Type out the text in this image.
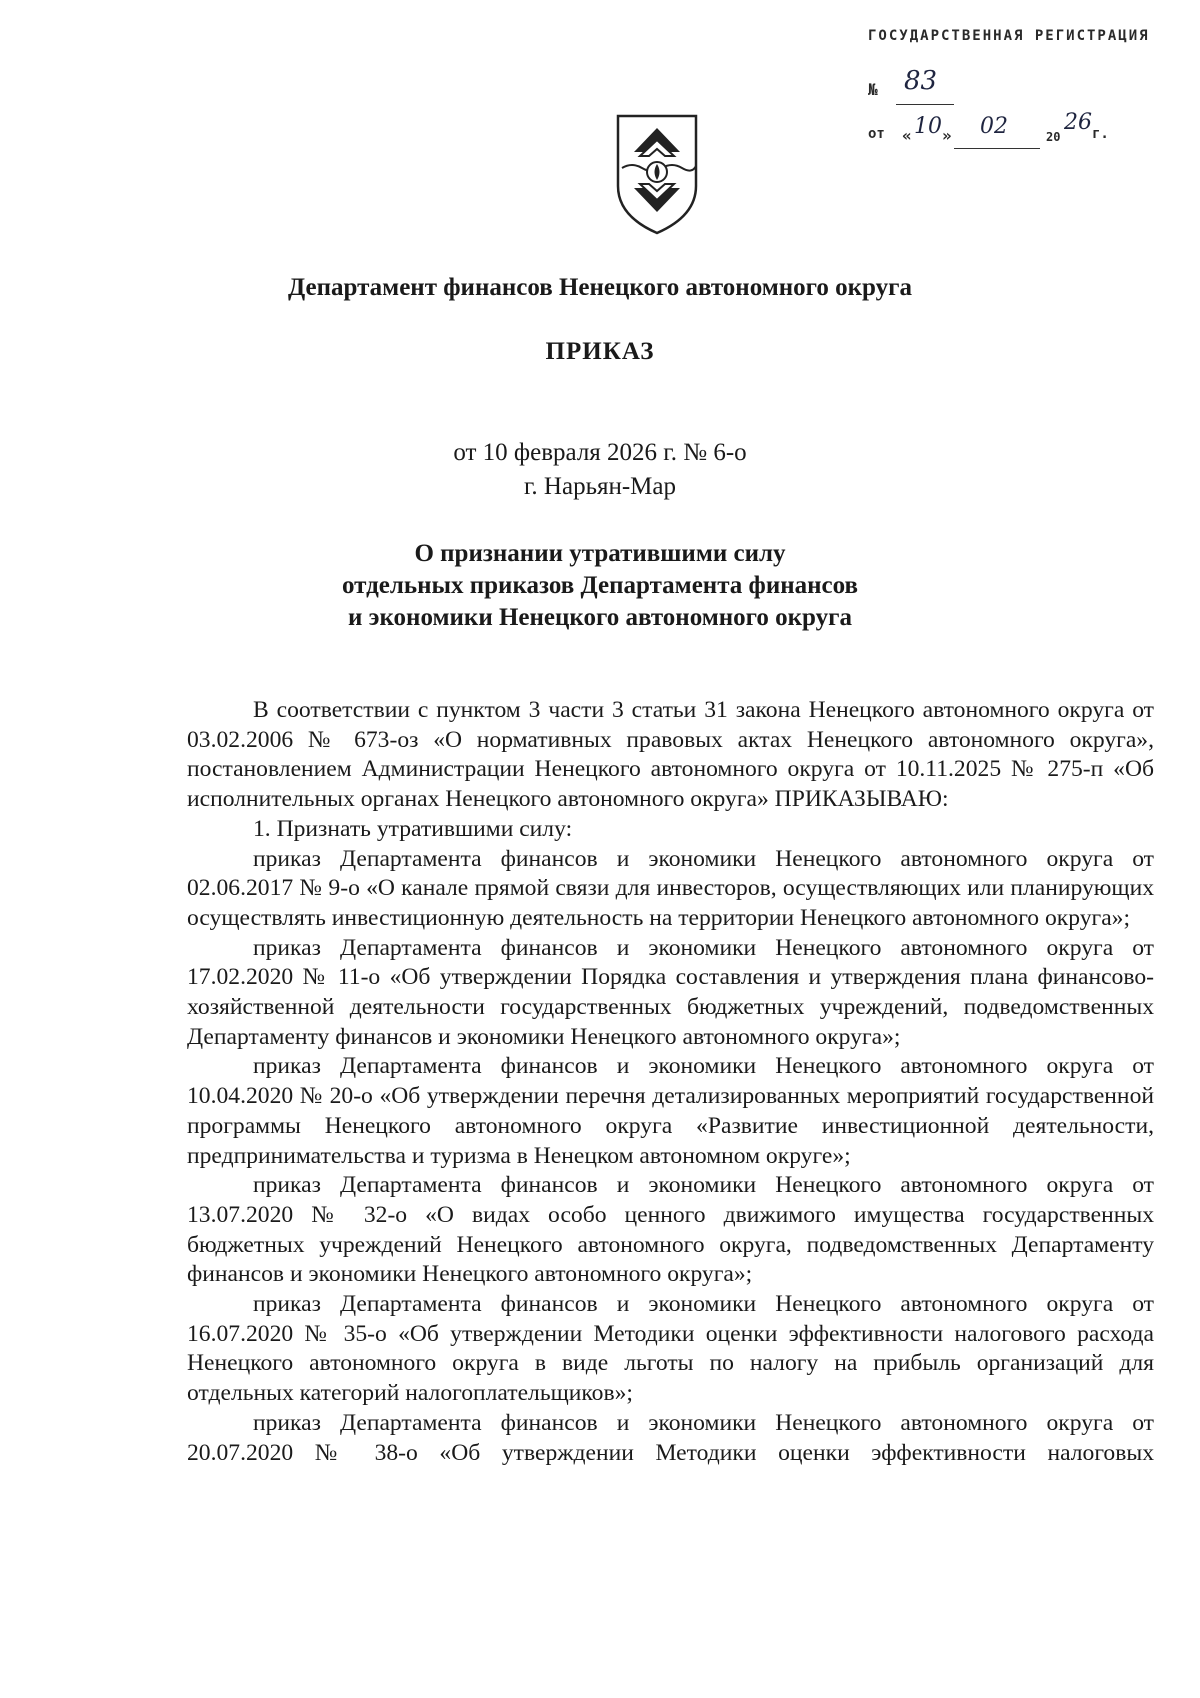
ГОСУДАРСТВЕННАЯ РЕГИСТРАЦИЯ
№ 83
от « 10 » 02	20
26 г.
Департамент финансов Ненецкого автономного округа
ПРИКАЗ
от 10 февраля 2026 г. № 6-о
г. Нарьян-Мар
О признании утратившими силу
отдельных приказов Департамента финансов
и экономики Ненецкого автономного округа

В соответствии с пунктом 3 части 3 статьи 31 закона Ненецкого автономного округа от 03.02.2006 № 673-оз «О нормативных правовых актах Ненецкого автономного округа», постановлением Администрации Ненецкого автономного округа от 10.11.2025 № 275-п «Об исполнительных органах Ненецкого автономного округа» ПРИКАЗЫВАЮ:

1. Признать утратившими силу:

приказ Департамента финансов и экономики Ненецкого автономного округа от 02.06.2017 № 9-о «О канале прямой связи для инвесторов, осуществляющих или планирующих осуществлять инвестиционную деятельность на территории Ненецкого автономного округа»;

приказ Департамента финансов и экономики Ненецкого автономного округа от 17.02.2020 № 11-о «Об утверждении Порядка составления и утверждения плана финансово-хозяйственной деятельности государственных бюджетных учреждений, подведомственных Департаменту финансов и экономики Ненецкого автономного округа»;

приказ Департамента финансов и экономики Ненецкого автономного округа от 10.04.2020 № 20-о «Об утверждении перечня детализированных мероприятий государственной программы Ненецкого автономного округа «Развитие инвестиционной деятельности, предпринимательства и туризма в Ненецком автономном округе»;

приказ Департамента финансов и экономики Ненецкого автономного округа от 13.07.2020 № 32-о «О видах особо ценного движимого имущества государственных бюджетных учреждений Ненецкого автономного округа, подведомственных Департаменту финансов и экономики Ненецкого автономного округа»;

приказ Департамента финансов и экономики Ненецкого автономного округа от 16.07.2020 № 35-о «Об утверждении Методики оценки эффективности налогового расхода Ненецкого автономного округа в виде льготы по налогу на прибыль организаций для отдельных категорий налогоплательщиков»;

приказ Департамента финансов и экономики Ненецкого автономного округа от 20.07.2020 № 38-о «Об утверждении Методики оценки эффективности налоговых
